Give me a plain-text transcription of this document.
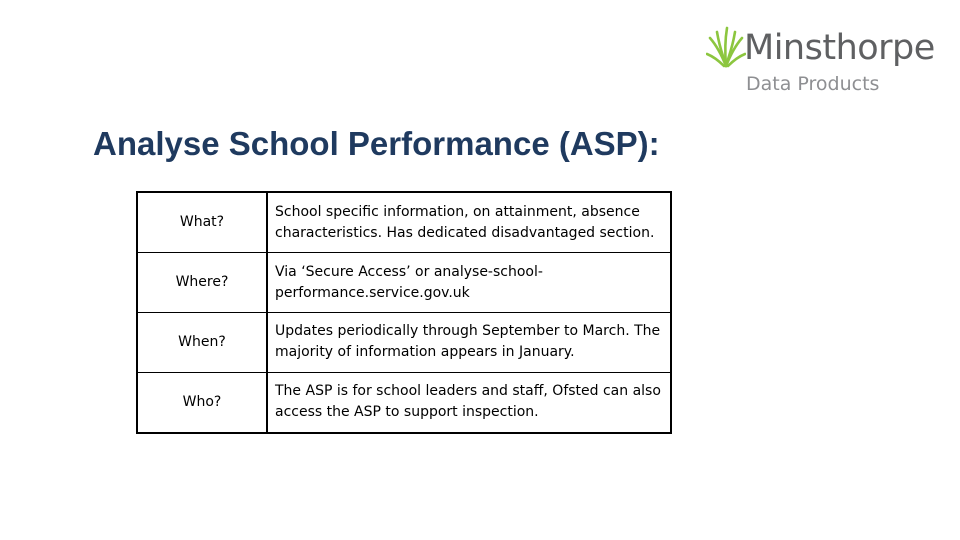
Minsthorpe
Data Products
Analyse School Performance (ASP):
What?	School specific information, on attainment, absence characteristics. Has dedicated disadvantaged section.

Where?	Via ‘Secure Access’ or analyse-school-performance.service.gov.uk

When?	Updates periodically through September to March. The majority of information appears in January.

Who?	The ASP is for school leaders and staff, Ofsted can also access the ASP to support inspection.
